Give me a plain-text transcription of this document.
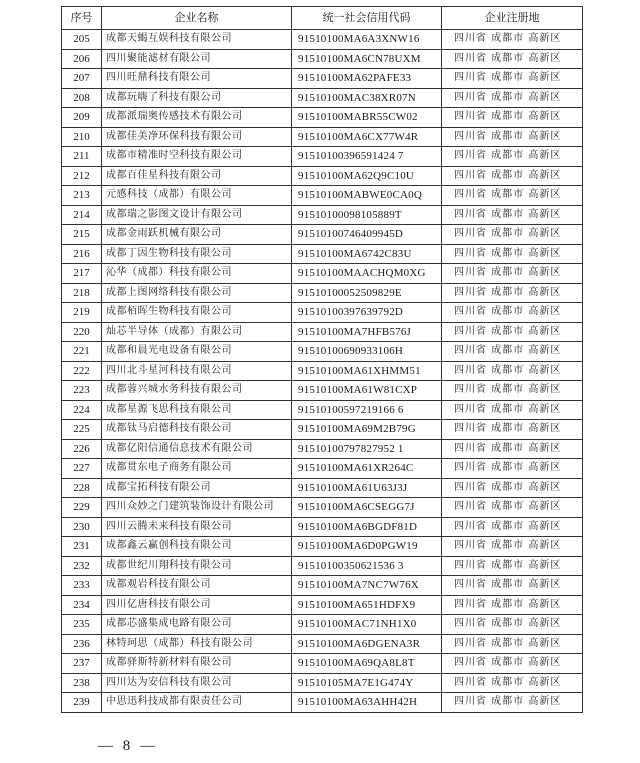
序号	企业名称	统一社会信用代码	企业注册地
205	成都天蝎互娱科技有限公司	91510100MA6A3XNW16	四川省 成都市 高新区
206	四川聚能滤材有限公司	91510100MA6CN78UXM	四川省 成都市 高新区
207	四川旺鼎科技有限公司	91510100MA62PAFE33	四川省 成都市 高新区
208	成都玩嗨了科技有限公司	91510100MAC38XR07N	四川省 成都市 高新区
209	成都派瑞奥传感技术有限公司	91510100MABR55CW02	四川省 成都市 高新区
210	成都佳美净环保科技有限公司	91510100MA6CX77W4R	四川省 成都市 高新区
211	成都市精准时空科技有限公司	91510100396591424 7	四川省 成都市 高新区
212	成都百佳星科技有限公司	91510100MA62Q9C10U	四川省 成都市 高新区
213	元感科技（成都）有限公司	91510100MABWE0CA0Q	四川省 成都市 高新区
214	成都瑞之影图文设计有限公司	91510100098105889T	四川省 成都市 高新区
215	成都金雨跃机械有限公司	91510100746409945D	四川省 成都市 高新区
216	成都丁因生物科技有限公司	91510100MA6742C83U	四川省 成都市 高新区
217	沁华（成都）科技有限公司	91510100MAACHQM0XG	四川省 成都市 高新区
218	成都上图网络科技有限公司	91510100052509829E	四川省 成都市 高新区
219	成都栢晖生物科技有限公司	91510100397639792D	四川省 成都市 高新区
220	灿芯半导体（成都）有限公司	91510100MA7HFB576J	四川省 成都市 高新区
221	成都和晨光电设备有限公司	91510100690933106H	四川省 成都市 高新区
222	四川北斗星河科技有限公司	91510100MA61XHMM51	四川省 成都市 高新区
223	成都蓉兴城水务科技有限公司	91510100MA61W81CXP	四川省 成都市 高新区
224	成都星源飞思科技有限公司	91510100597219166 6	四川省 成都市 高新区
225	成都钛马启德科技有限公司	91510100MA69M2B79G	四川省 成都市 高新区
226	成都亿阳信通信息技术有限公司	91510100797827952 1	四川省 成都市 高新区
227	成都贯东电子商务有限公司	91510100MA61XR264C	四川省 成都市 高新区
228	成都宝拓科技有限公司	91510100MA61U63J3J	四川省 成都市 高新区
229	四川众妙之门建筑装饰设计有限公司	91510100MA6CSEGG7J	四川省 成都市 高新区
230	四川云腾未来科技有限公司	91510100MA6BGDF81D	四川省 成都市 高新区
231	成都鑫云赢创科技有限公司	91510100MA6D0PGW19	四川省 成都市 高新区
232	成都世纪川翔科技有限公司	91510100350621536 3	四川省 成都市 高新区
233	成都观岩科技有限公司	91510100MA7NC7W76X	四川省 成都市 高新区
234	四川亿唐科技有限公司	91510100MA651HDFX9	四川省 成都市 高新区
235	成都芯盛集成电路有限公司	91510100MAC71NH1X0	四川省 成都市 高新区
236	林特珂思（成都）科技有限公司	91510100MA6DGENA3R	四川省 成都市 高新区
237	成都驿斯特新材料有限公司	91510100MA69QA8L8T	四川省 成都市 高新区
238	四川达为安信科技有限公司	91510105MA7E1G474Y	四川省 成都市 高新区
239	中思迅科技成都有限责任公司	91510100MA63AHH42H	四川省 成都市 高新区
— 8 —
